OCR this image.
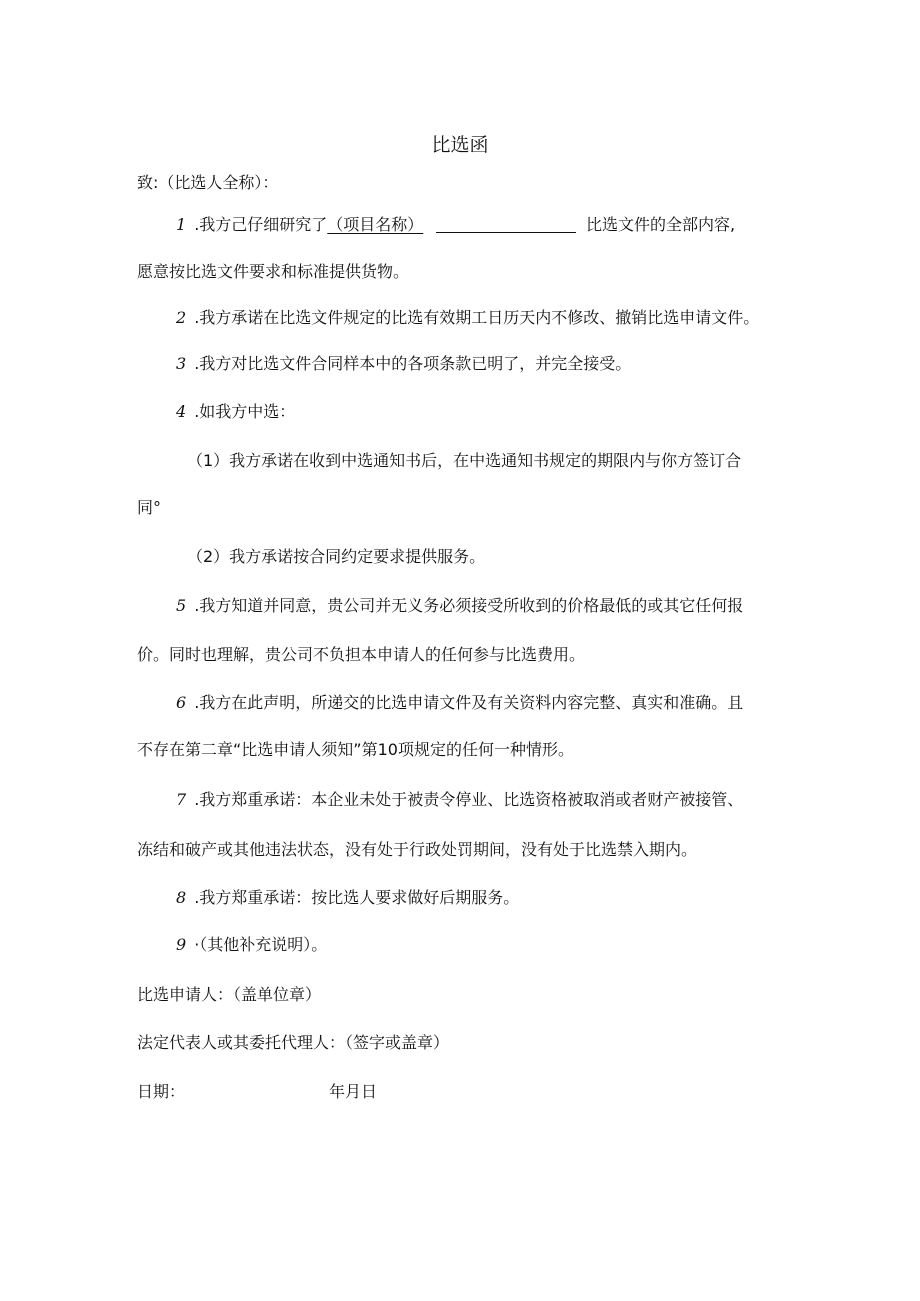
比选函
致:（比选人全称）：
1 .我方己仔细研究了（项目名称）	比选文件的全部内容,
愿意按比选文件要求和标准提供货物。
2 .我方承诺在比选文件规定的比选有效期工日历天内不修改、撤销比选申请文件。
3 .我方对比选文件合同样本中的各项条款已明了，并完全接受。
4 .如我方中选：
（1）我方承诺在收到中选通知书后，在中选通知书规定的期限内与你方签订合
同°
（2）我方承诺按合同约定要求提供服务。
5 .我方知道并同意，贵公司并无义务必须接受所收到的价格最低的或其它任何报
价。同时也理解，贵公司不负担本申请人的任何参与比选费用。
6 .我方在此声明，所递交的比选申请文件及有关资料内容完整、真实和准确。且
不存在第二章“比选申请人须知”第10项规定的任何一种情形。
7 .我方郑重承诺：本企业未处于被责令停业、比选资格被取消或者财产被接管、
冻结和破产或其他违法状态，没有处于行政处罚期间，没有处于比选禁入期内。
8 .我方郑重承诺：按比选人要求做好后期服务。
9 ·（其他补充说明）。
比选申请人：（盖单位章）
法定代表人或其委托代理人：（签字或盖章）
日期：	年月日
